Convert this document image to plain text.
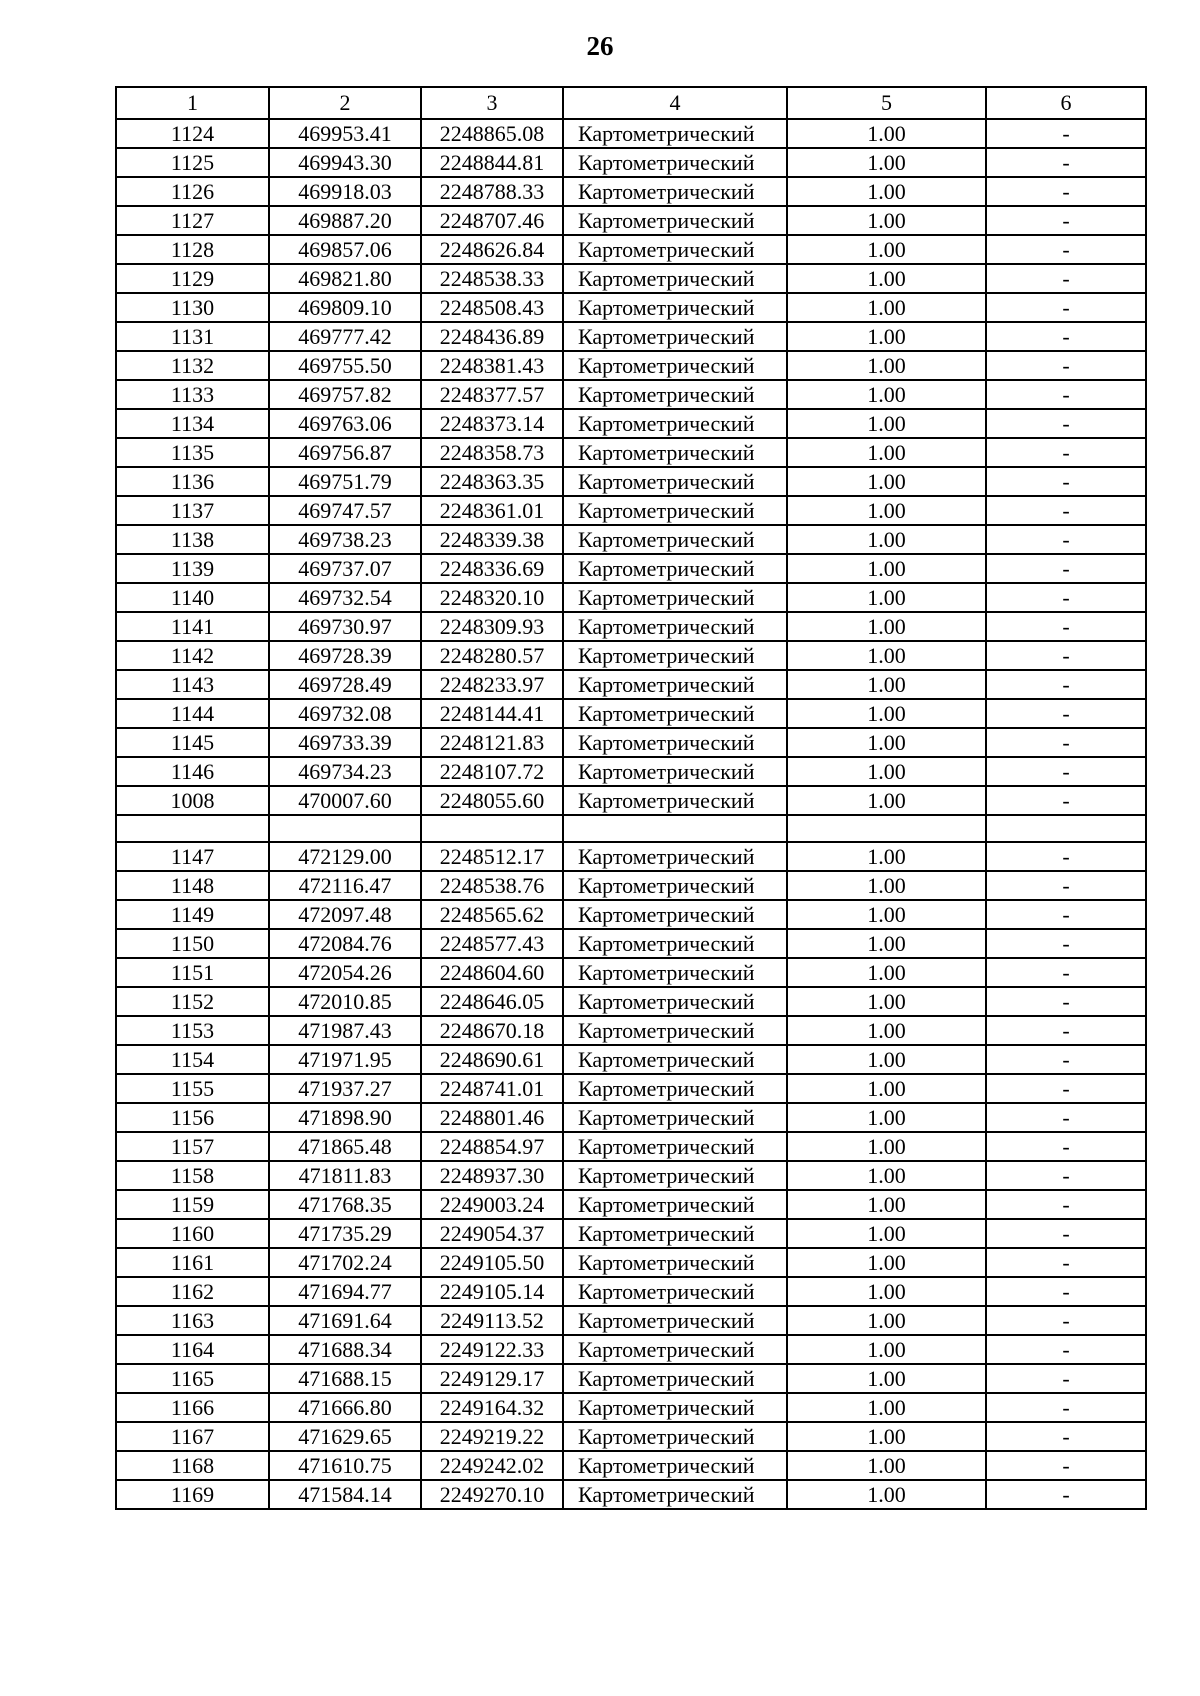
26
1	2	3	4	5	6
1124	469953.41	2248865.08	Картометрический	1.00	-
1125	469943.30	2248844.81	Картометрический	1.00	-
1126	469918.03	2248788.33	Картометрический	1.00	-
1127	469887.20	2248707.46	Картометрический	1.00	-
1128	469857.06	2248626.84	Картометрический	1.00	-
1129	469821.80	2248538.33	Картометрический	1.00	-
1130	469809.10	2248508.43	Картометрический	1.00	-
1131	469777.42	2248436.89	Картометрический	1.00	-
1132	469755.50	2248381.43	Картометрический	1.00	-
1133	469757.82	2248377.57	Картометрический	1.00	-
1134	469763.06	2248373.14	Картометрический	1.00	-
1135	469756.87	2248358.73	Картометрический	1.00	-
1136	469751.79	2248363.35	Картометрический	1.00	-
1137	469747.57	2248361.01	Картометрический	1.00	-
1138	469738.23	2248339.38	Картометрический	1.00	-
1139	469737.07	2248336.69	Картометрический	1.00	-
1140	469732.54	2248320.10	Картометрический	1.00	-
1141	469730.97	2248309.93	Картометрический	1.00	-
1142	469728.39	2248280.57	Картометрический	1.00	-
1143	469728.49	2248233.97	Картометрический	1.00	-
1144	469732.08	2248144.41	Картометрический	1.00	-
1145	469733.39	2248121.83	Картометрический	1.00	-
1146	469734.23	2248107.72	Картометрический	1.00	-
1008	470007.60	2248055.60	Картометрический	1.00	-

1147	472129.00	2248512.17	Картометрический	1.00	-
1148	472116.47	2248538.76	Картометрический	1.00	-
1149	472097.48	2248565.62	Картометрический	1.00	-
1150	472084.76	2248577.43	Картометрический	1.00	-
1151	472054.26	2248604.60	Картометрический	1.00	-
1152	472010.85	2248646.05	Картометрический	1.00	-
1153	471987.43	2248670.18	Картометрический	1.00	-
1154	471971.95	2248690.61	Картометрический	1.00	-
1155	471937.27	2248741.01	Картометрический	1.00	-
1156	471898.90	2248801.46	Картометрический	1.00	-
1157	471865.48	2248854.97	Картометрический	1.00	-
1158	471811.83	2248937.30	Картометрический	1.00	-
1159	471768.35	2249003.24	Картометрический	1.00	-
1160	471735.29	2249054.37	Картометрический	1.00	-
1161	471702.24	2249105.50	Картометрический	1.00	-
1162	471694.77	2249105.14	Картометрический	1.00	-
1163	471691.64	2249113.52	Картометрический	1.00	-
1164	471688.34	2249122.33	Картометрический	1.00	-
1165	471688.15	2249129.17	Картометрический	1.00	-
1166	471666.80	2249164.32	Картометрический	1.00	-
1167	471629.65	2249219.22	Картометрический	1.00	-
1168	471610.75	2249242.02	Картометрический	1.00	-
1169	471584.14	2249270.10	Картометрический	1.00	-
